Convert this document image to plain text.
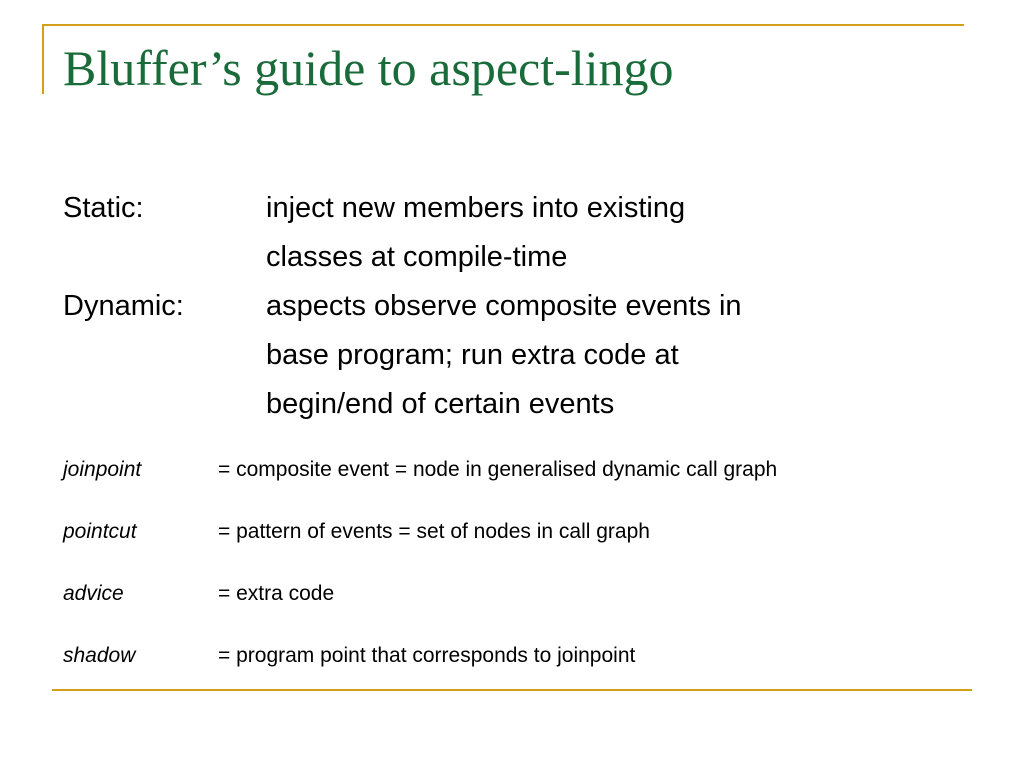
Bluffer’s guide to aspect-lingo
Static:	inject new members into existing
classes at compile-time
Dynamic:	aspects observe composite events in
base program; run extra code at
begin/end of certain events
joinpoint	= composite event = node in generalised dynamic call graph
pointcut	= pattern of events = set of nodes in call graph
advice	= extra code
shadow	= program point that corresponds to joinpoint
